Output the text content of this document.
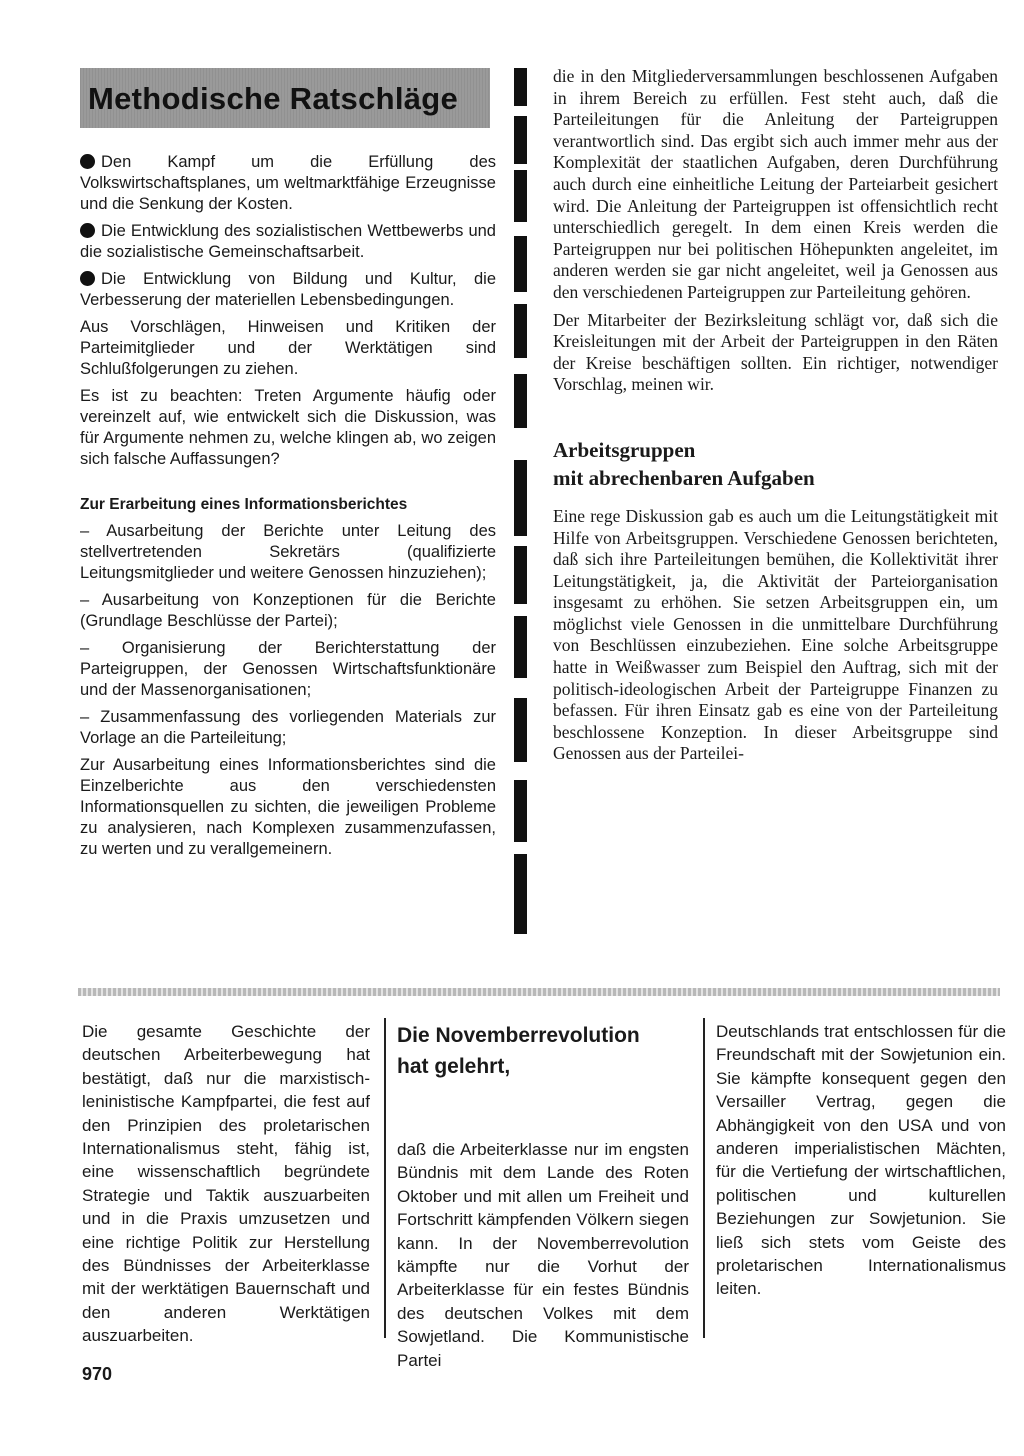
Methodische Ratschläge

Den Kampf um die Erfüllung des Volkswirtschaftsplanes, um weltmarktfähige Erzeugnisse und die Senkung der Kosten.

Die Entwicklung des sozialistischen Wettbewerbs und die sozialistische Gemeinschaftsarbeit.

Die Entwicklung von Bildung und Kultur, die Verbesserung der materiellen Lebensbedingungen.

Aus Vorschlägen, Hinweisen und Kritiken der Parteimitglieder und der Werktätigen sind Schlußfolgerungen zu ziehen.

Es ist zu beachten: Treten Argumente häufig oder vereinzelt auf, wie entwickelt sich die Diskussion, was für Argumente nehmen zu, welche klingen ab, wo zeigen sich falsche Auffassungen?

Zur Erarbeitung eines Informationsberichtes

– Ausarbeitung der Berichte unter Leitung des stellvertretenden Sekretärs (qualifizierte Leitungsmitglieder und weitere Genossen hinzuziehen);

– Ausarbeitung von Konzeptionen für die Berichte (Grundlage Beschlüsse der Partei);

– Organisierung der Berichterstattung der Parteigruppen, der Genossen Wirtschaftsfunktionäre und der Massenorganisationen;

– Zusammenfassung des vorliegenden Materials zur Vorlage an die Parteileitung;

Zur Ausarbeitung eines Informationsberichtes sind die Einzelberichte aus den verschiedensten Informationsquellen zu sichten, die jeweiligen Probleme zu analysieren, nach Komplexen zusammenzufassen, zu werten und zu verallgemeinern.

die in den Mitgliederversammlungen beschlossenen Aufgaben in ihrem Bereich zu erfüllen. Fest steht auch, daß die Parteileitungen für die Anleitung der Parteigruppen verantwortlich sind. Das ergibt sich auch immer mehr aus der Komplexität der staatlichen Aufgaben, deren Durchführung auch durch eine einheitliche Leitung der Parteiarbeit gesichert wird. Die Anleitung der Parteigruppen ist offensichtlich recht unterschiedlich geregelt. In dem einen Kreis werden die Parteigruppen nur bei politischen Höhepunkten angeleitet, im anderen werden sie gar nicht angeleitet, weil ja Genossen aus den verschiedenen Parteigruppen zur Parteileitung gehören.

Der Mitarbeiter der Bezirksleitung schlägt vor, daß sich die Kreisleitungen mit der Arbeit der Parteigruppen in den Räten der Kreise beschäftigen sollten. Ein richtiger, notwendiger Vorschlag, meinen wir.

Arbeitsgruppen
mit abrechenbaren Aufgaben

Eine rege Diskussion gab es auch um die Leitungstätigkeit mit Hilfe von Arbeitsgruppen. Verschiedene Genossen berichteten, daß sich ihre Parteileitungen bemühen, die Kollektivität ihrer Leitungstätigkeit, ja, die Aktivität der Parteiorganisation insgesamt zu erhöhen. Sie setzen Arbeitsgruppen ein, um möglichst viele Genossen in die unmittelbare Durchführung von Beschlüssen einzubeziehen. Eine solche Arbeitsgruppe hatte in Weißwasser zum Beispiel den Auftrag, sich mit der politisch-ideologischen Arbeit der Parteigruppe Finanzen zu befassen. Für ihren Einsatz gab es eine von der Parteileitung beschlossene Konzeption. In dieser Arbeitsgruppe sind Genossen aus der Parteilei-

Die gesamte Geschichte der deutschen Arbeiterbewegung hat bestätigt, daß nur die marxistisch-leninistische Kampfpartei, die fest auf den Prinzipien des proletarischen Internationalismus steht, fähig ist, eine wissenschaftlich begründete Strategie und Taktik auszuarbeiten und in die Praxis umzusetzen und eine richtige Politik zur Herstellung des Bündnisses der Arbeiterklasse mit der werktätigen Bauernschaft und den anderen Werktätigen auszuarbeiten.

Die Novemberrevolution
hat gelehrt,

daß die Arbeiterklasse nur im engsten Bündnis mit dem Lande des Roten Oktober und mit allen um Freiheit und Fortschritt kämpfenden Völkern siegen kann. In der Novemberrevolution kämpfte nur die Vorhut der Arbeiterklasse für ein festes Bündnis des deutschen Volkes mit dem Sowjetland. Die Kommunistische Partei

Deutschlands trat entschlossen für die Freundschaft mit der Sowjetunion ein. Sie kämpfte konsequent gegen den Versailler Vertrag, gegen die Abhängigkeit von den USA und von anderen imperialistischen Mächten, für die Vertiefung der wirtschaftlichen, politischen und kulturellen Beziehungen zur Sowjetunion. Sie ließ sich stets vom Geiste des proletarischen Internationalismus leiten.

970
